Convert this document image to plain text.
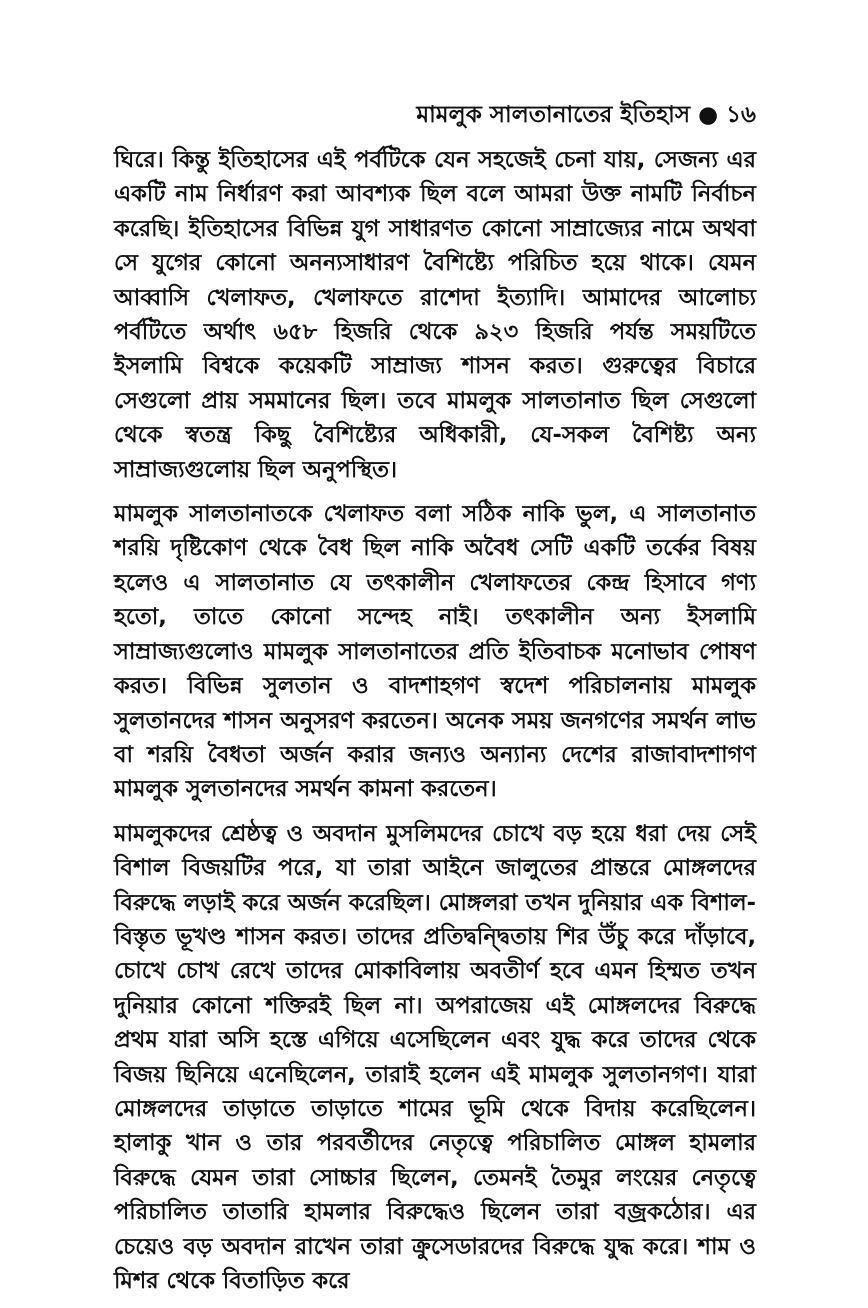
মামলুক সালতানাতের ইতিহাস ● ১৬

ঘিরে। কিন্তু ইতিহাসের এই পর্বটিকে যেন সহজেই চেনা যায়, সেজন্য এর একটি নাম নির্ধারণ করা আবশ্যক ছিল বলে আমরা উক্ত নামটি নির্বাচন করেছি। ইতিহাসের বিভিন্ন যুগ সাধারণত কোনো সাম্রাজ্যের নামে অথবা সে যুগের কোনো অনন্যসাধারণ বৈশিষ্ট্যে পরিচিত হয়ে থাকে। যেমন আব্বাসি খেলাফত, খেলাফতে রাশেদা ইত্যাদি। আমাদের আলোচ্য পর্বটিতে অর্থাৎ ৬৫৮ হিজরি থেকে ৯২৩ হিজরি পর্যন্ত সময়টিতে ইসলামি বিশ্বকে কয়েকটি সাম্রাজ্য শাসন করত। গুরুত্বের বিচারে সেগুলো প্রায় সমমানের ছিল। তবে মামলুক সালতানাত ছিল সেগুলো থেকে স্বতন্ত্র কিছু বৈশিষ্ট্যের অধিকারী, যে-সকল বৈশিষ্ট্য অন্য সাম্রাজ্যগুলোয় ছিল অনুপস্থিত।

মামলুক সালতানাতকে খেলাফত বলা সঠিক নাকি ভুল, এ সালতানাত শরয়ি দৃষ্টিকোণ থেকে বৈধ ছিল নাকি অবৈধ সেটি একটি তর্কের বিষয় হলেও এ সালতানাত যে তৎকালীন খেলাফতের কেন্দ্র হিসাবে গণ্য হতো, তাতে কোনো সন্দেহ নাই। তৎকালীন অন্য ইসলামি সাম্রাজ্যগুলোও মামলুক সালতানাতের প্রতি ইতিবাচক মনোভাব পোষণ করত। বিভিন্ন সুলতান ও বাদশাহগণ স্বদেশ পরিচালনায় মামলুক সুলতানদের শাসন অনুসরণ করতেন। অনেক সময় জনগণের সমর্থন লাভ বা শরয়ি বৈধতা অর্জন করার জন্যও অন্যান্য দেশের রাজাবাদশাগণ মামলুক সুলতানদের সমর্থন কামনা করতেন।

মামলুকদের শ্রেষ্ঠত্ব ও অবদান মুসলিমদের চোখে বড় হয়ে ধরা দেয় সেই বিশাল বিজয়টির পরে, যা তারা আইনে জালুতের প্রান্তরে মোঙ্গলদের বিরুদ্ধে লড়াই করে অর্জন করেছিল। মোঙ্গলরা তখন দুনিয়ার এক বিশাল-বিস্তৃত ভূখণ্ড শাসন করত। তাদের প্রতিদ্বন্দ্বিতায় শির উঁচু করে দাঁড়াবে, চোখে চোখ রেখে তাদের মোকাবিলায় অবতীর্ণ হবে এমন হিম্মত তখন দুনিয়ার কোনো শক্তিরই ছিল না। অপরাজেয় এই মোঙ্গলদের বিরুদ্ধে প্রথম যারা অসি হস্তে এগিয়ে এসেছিলেন এবং যুদ্ধ করে তাদের থেকে বিজয় ছিনিয়ে এনেছিলেন, তারাই হলেন এই মামলুক সুলতানগণ। যারা মোঙ্গলদের তাড়াতে তাড়াতে শামের ভূমি থেকে বিদায় করেছিলেন। হালাকু খান ও তার পরবর্তীদের নেতৃত্বে পরিচালিত মোঙ্গল হামলার বিরুদ্ধে যেমন তারা সোচ্চার ছিলেন, তেমনই তৈমুর লংয়ের নেতৃত্বে পরিচালিত তাতারি হামলার বিরুদ্ধেও ছিলেন তারা বজ্রকঠোর। এর চেয়েও বড় অবদান রাখেন তারা ক্রুসেডারদের বিরুদ্ধে যুদ্ধ করে। শাম ও মিশর থেকে বিতাড়িত করে
